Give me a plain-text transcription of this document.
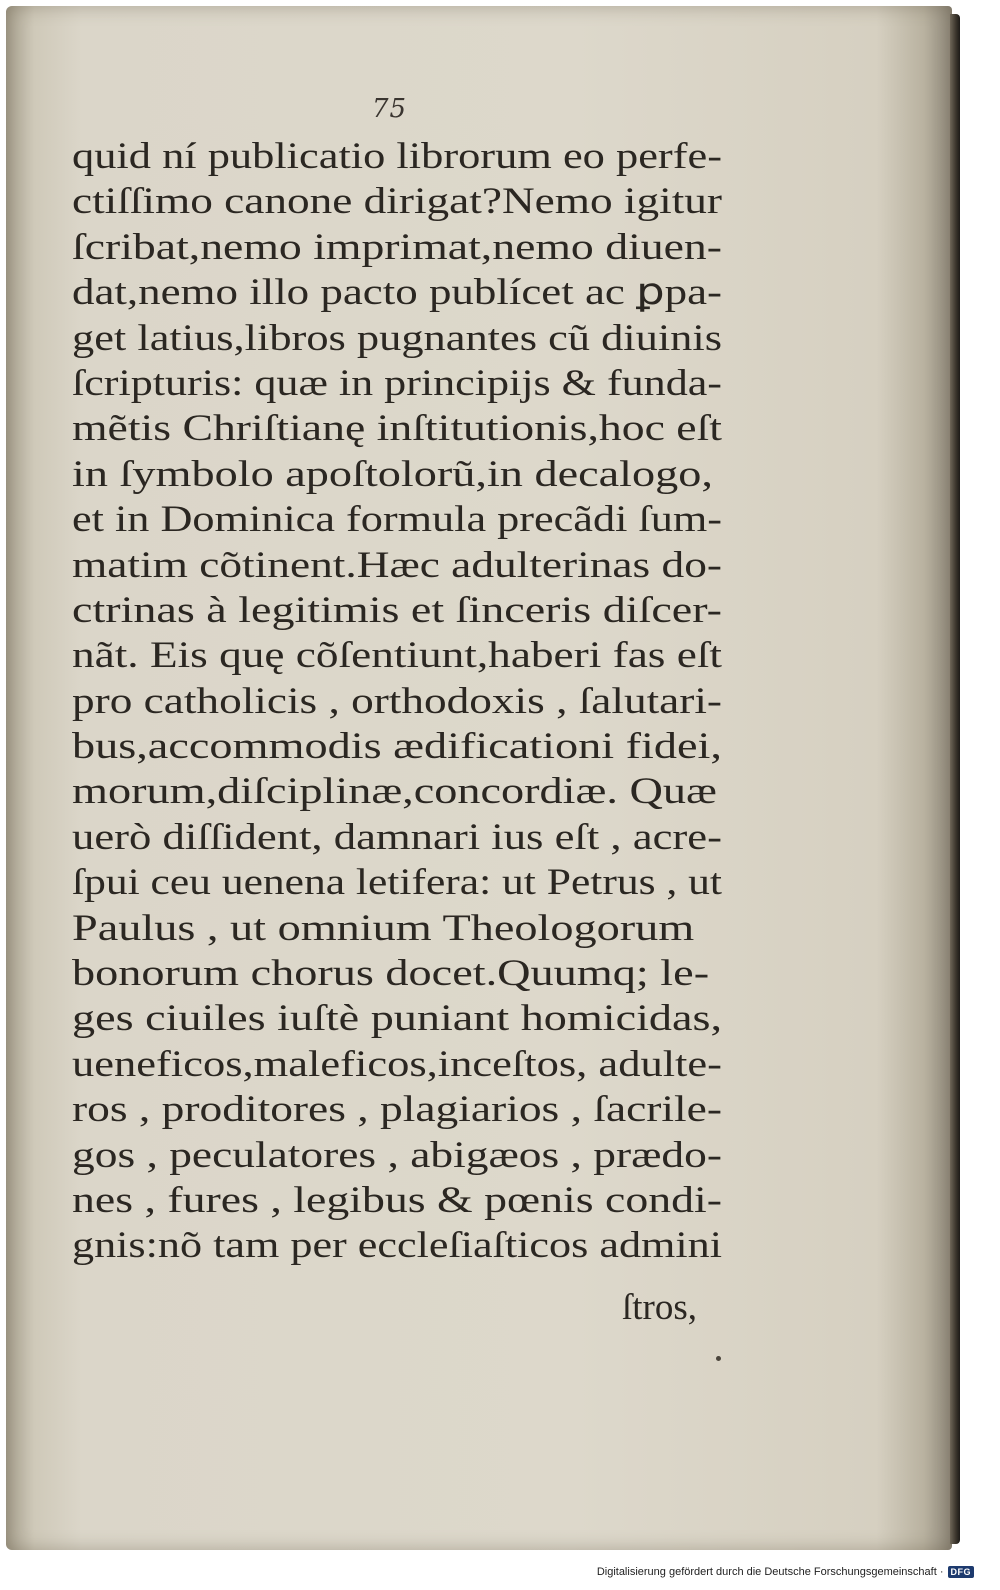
75
quid ní publicatio librorum eo perfe-
ctiſſimo canone dirigat?Nemo igitur
ſcribat,nemo imprimat,nemo diuen-
dat,nemo illo pacto publícet ac ꝑpa-
get latius,libros pugnantes cũ diuinis
ſcripturis: quæ in principijs & funda-
mẽtis Chriſtianę inſtitutionis,hoc eſt
in ſymbolo apoſtolorũ,in decalogo,
et in Dominica formula precãdi ſum-
matim cõtinent.Hæc adulterinas do-
ctrinas à legitimis et ſinceris diſcer-
nãt. Eis quę cõſentiunt,haberi fas eſt
pro catholicis , orthodoxis , ſalutari-
bus,accommodis ædificationi fidei,
morum,diſciplinæ,concordiæ. Quæ
uerò diſſident, damnari ius eſt , acre-
ſpui ceu uenena letifera: ut Petrus , ut
Paulus , ut omnium Theologorum
bonorum chorus docet.Quumq; le-
ges ciuiles iuſtè puniant homicidas,
ueneficos,maleficos,inceſtos, adulte-
ros , proditores , plagiarios , ſacrile-
gos , peculatores , abigæos , prædo-
nes , fures , legibus & pœnis condi-
gnis:nõ tam per eccleſiaſticos admini
ſtros,
Digitalisierung gefördert durch die Deutsche Forschungsgemeinschaft · DFG
